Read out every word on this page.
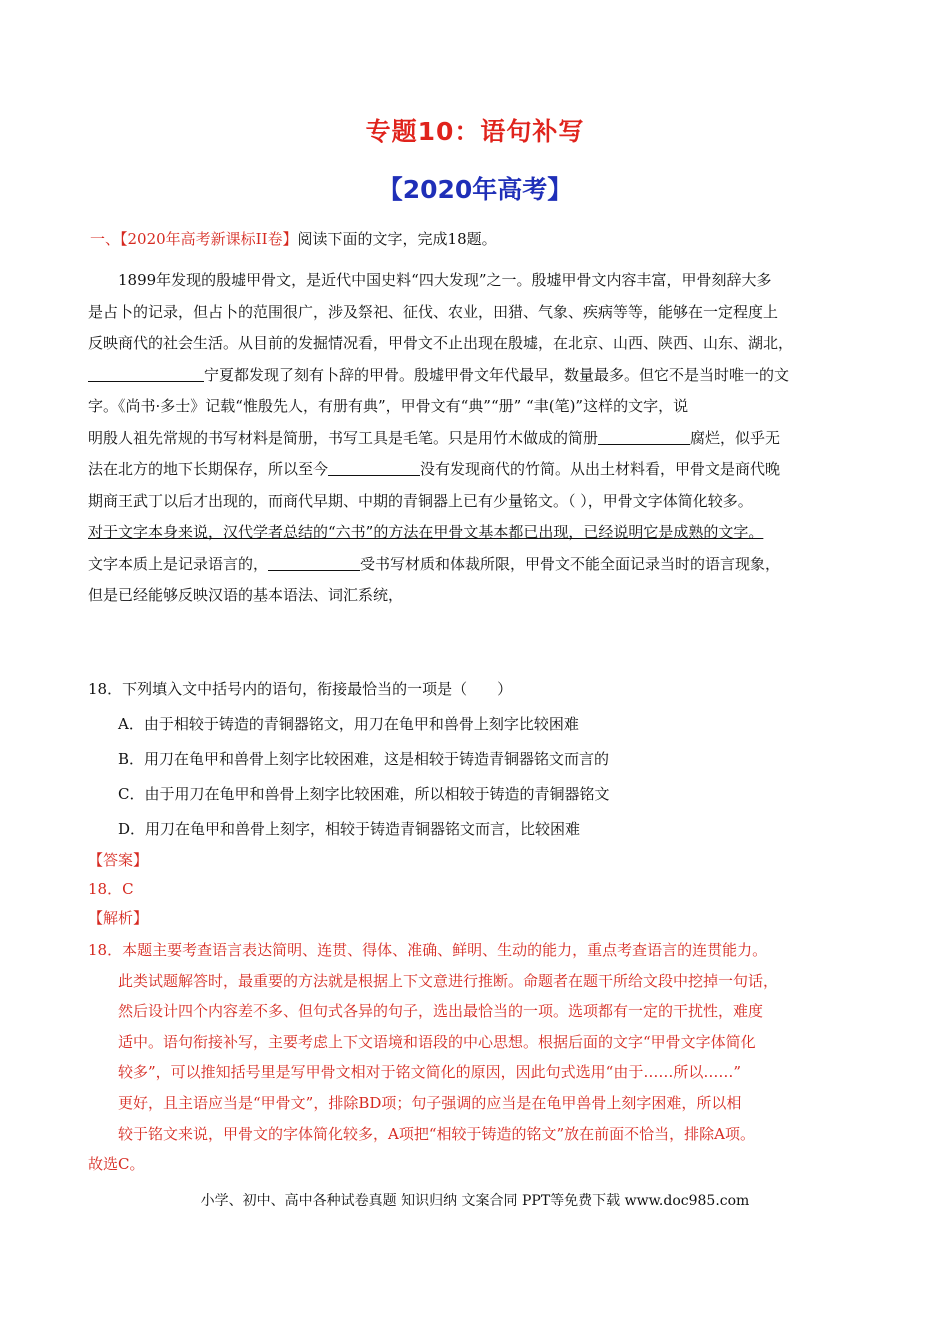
专题10：语句补写
【2020年高考】
一、【2020年高考新课标II卷】阅读下面的文字，完成18题。

1899年发现的殷墟甲骨文，是近代中国史料“四大发现”之一。殷墟甲骨文内容丰富，甲骨刻辞大多

是占卜的记录，但占卜的范围很广，涉及祭祀、征伐、农业，田猎、气象、疾病等等，能够在一定程度上

反映商代的社会生活。从目前的发掘情况看，甲骨文不止出现在殷墟，在北京、山西、陕西、山东、湖北，

宁夏都发现了刻有卜辞的甲骨。殷墟甲骨文年代最早，数量最多。但它不是当时唯一的文

字。《尚书·多士》记载“惟殷先人，有册有典”，甲骨文有“典”“册” “聿(笔)”这样的文字，说

明殷人祖先常规的书写材料是简册，书写工具是毛笔。只是用竹木做成的简册	腐烂，似乎无

法在北方的地下长期保存，所以至今	没有发现商代的竹简。从出土材料看，甲骨文是商代晚

期商王武丁以后才出现的，而商代早期、中期的青铜器上已有少量铭文。（ ），甲骨文字体简化较多。

对于文字本身来说，汉代学者总结的“六书”的方法在甲骨文基本都已出现，已经说明它是成熟的文字。

文字本质上是记录语言的，	受书写材质和体裁所限，甲骨文不能全面记录当时的语言现象，

但是已经能够反映汉语的基本语法、词汇系统，

18．下列填入文中括号内的语句，衔接最恰当的一项是（　　）
A．由于相较于铸造的青铜器铭文，用刀在龟甲和兽骨上刻字比较困难
B．用刀在龟甲和兽骨上刻字比较困难，这是相较于铸造青铜器铭文而言的
C．由于用刀在龟甲和兽骨上刻字比较困难，所以相较于铸造的青铜器铭文
D．用刀在龟甲和兽骨上刻字，相较于铸造青铜器铭文而言，比较困难
【答案】
18．C
【解析】
18．本题主要考查语言表达简明、连贯、得体、准确、鲜明、生动的能力，重点考查语言的连贯能力。
此类试题解答时，最重要的方法就是根据上下文意进行推断。命题者在题干所给文段中挖掉一句话，
然后设计四个内容差不多、但句式各异的句子，选出最恰当的一项。选项都有一定的干扰性，难度
适中。语句衔接补写，主要考虑上下文语境和语段的中心思想。根据后面的文字“甲骨文字体简化
较多”，可以推知括号里是写甲骨文相对于铭文简化的原因，因此句式选用“由于……所以……”
更好，且主语应当是“甲骨文”，排除BD项；句子强调的应当是在龟甲兽骨上刻字困难，所以相
较于铭文来说，甲骨文的字体简化较多，A项把“相较于铸造的铭文”放在前面不恰当，排除A项。
故选C。
小学、初中、高中各种试卷真题 知识归纳 文案合同 PPT等免费下载 www.doc985.com
